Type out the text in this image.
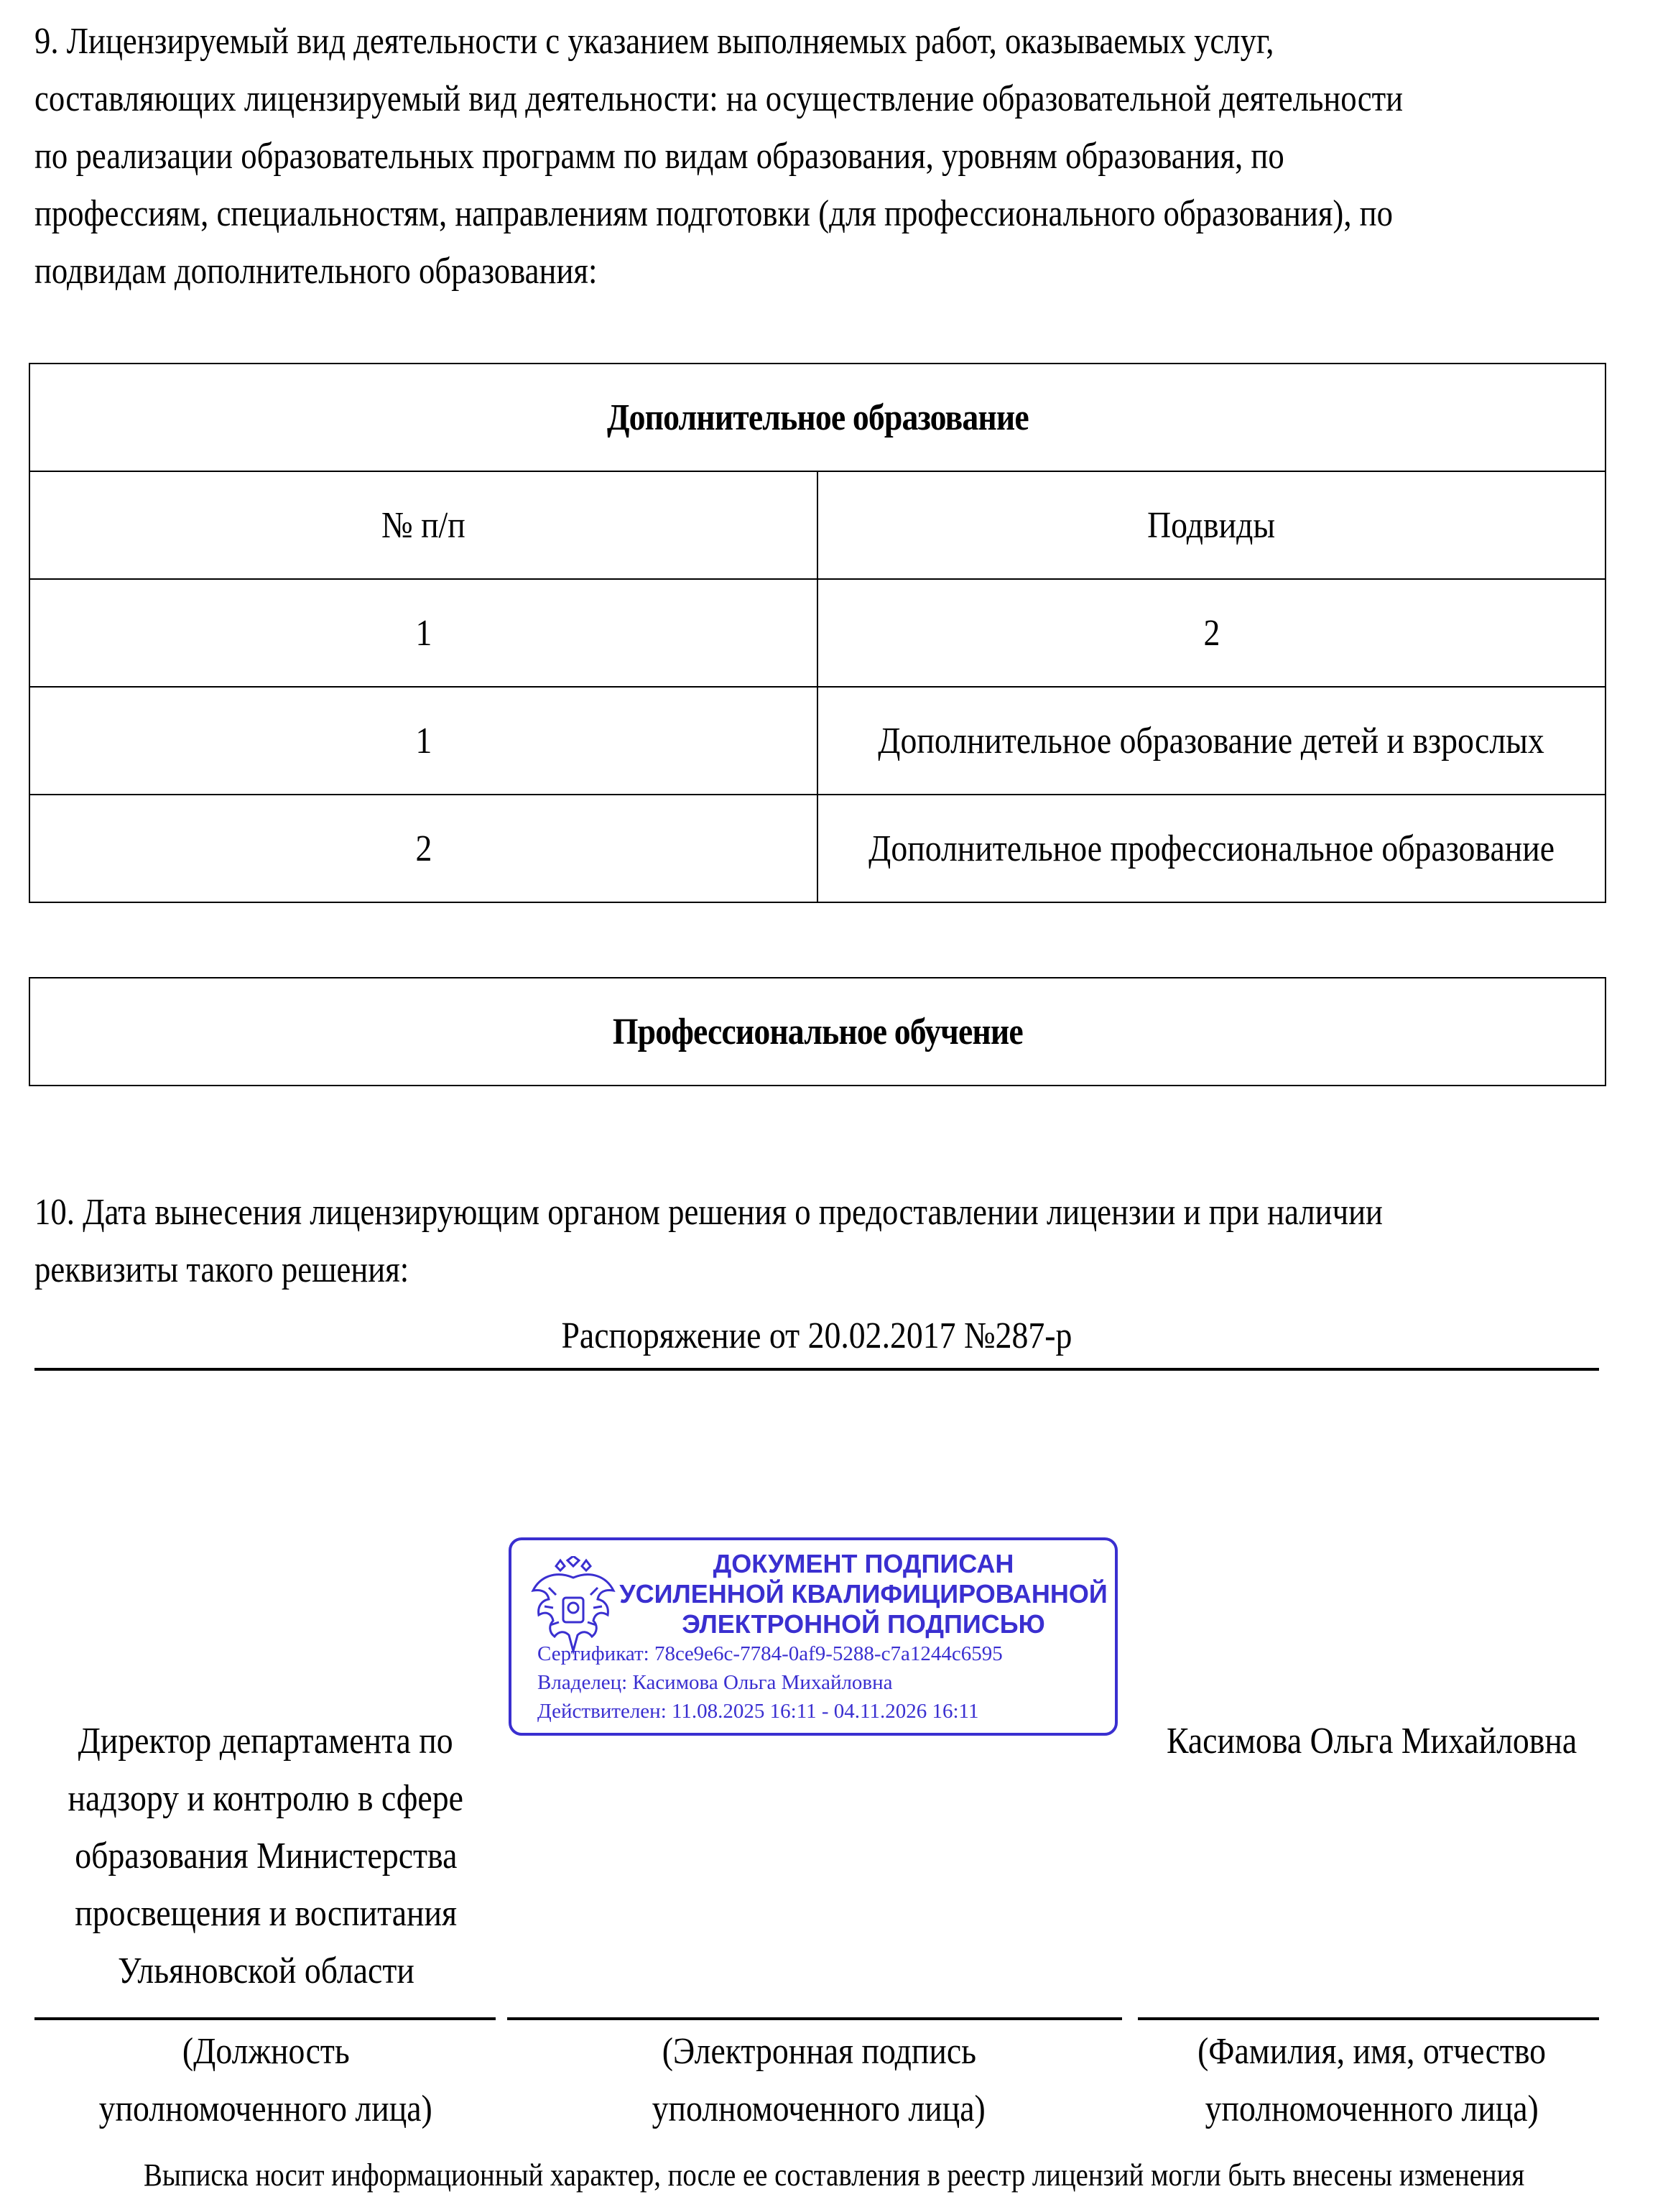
9. Лицензируемый вид деятельности с указанием выполняемых работ, оказываемых услуг,
составляющих лицензируемый вид деятельности: на осуществление образовательной деятельности
по реализации образовательных программ по видам образования, уровням образования, по
профессиям, специальностям, направлениям подготовки (для профессионального образования), по
подвидам дополнительного образования:
Дополнительное образование	
№ п/п	Подвиды
1	2
1	Дополнительное образование детей и взрослых
2	Дополнительное профессиональное образование
Профессиональное обучение
10. Дата вынесения лицензирующим органом решения о предоставлении лицензии и при наличии
реквизиты такого решения:
Распоряжение от 20.02.2017 №287-р
ДОКУМЕНТ ПОДПИСАН
УСИЛЕННОЙ КВАЛИФИЦИРОВАННОЙ
ЭЛЕКТРОННОЙ ПОДПИСЬЮ
Сертификат: 78ce9e6c-7784-0af9-5288-c7a1244c6595
Владелец: Касимова Ольга Михайловна
Действителен: 11.08.2025 16:11 - 04.11.2026 16:11
Директор департамента по
надзору и контролю в сфере
образования Министерства
просвещения и воспитания
Ульяновской области
Касимова Ольга Михайловна
(Должность
уполномоченного лица)
(Электронная подпись
уполномоченного лица)
(Фамилия, имя, отчество
уполномоченного лица)
Выписка носит информационный характер, после ее составления в реестр лицензий могли быть внесены изменения
